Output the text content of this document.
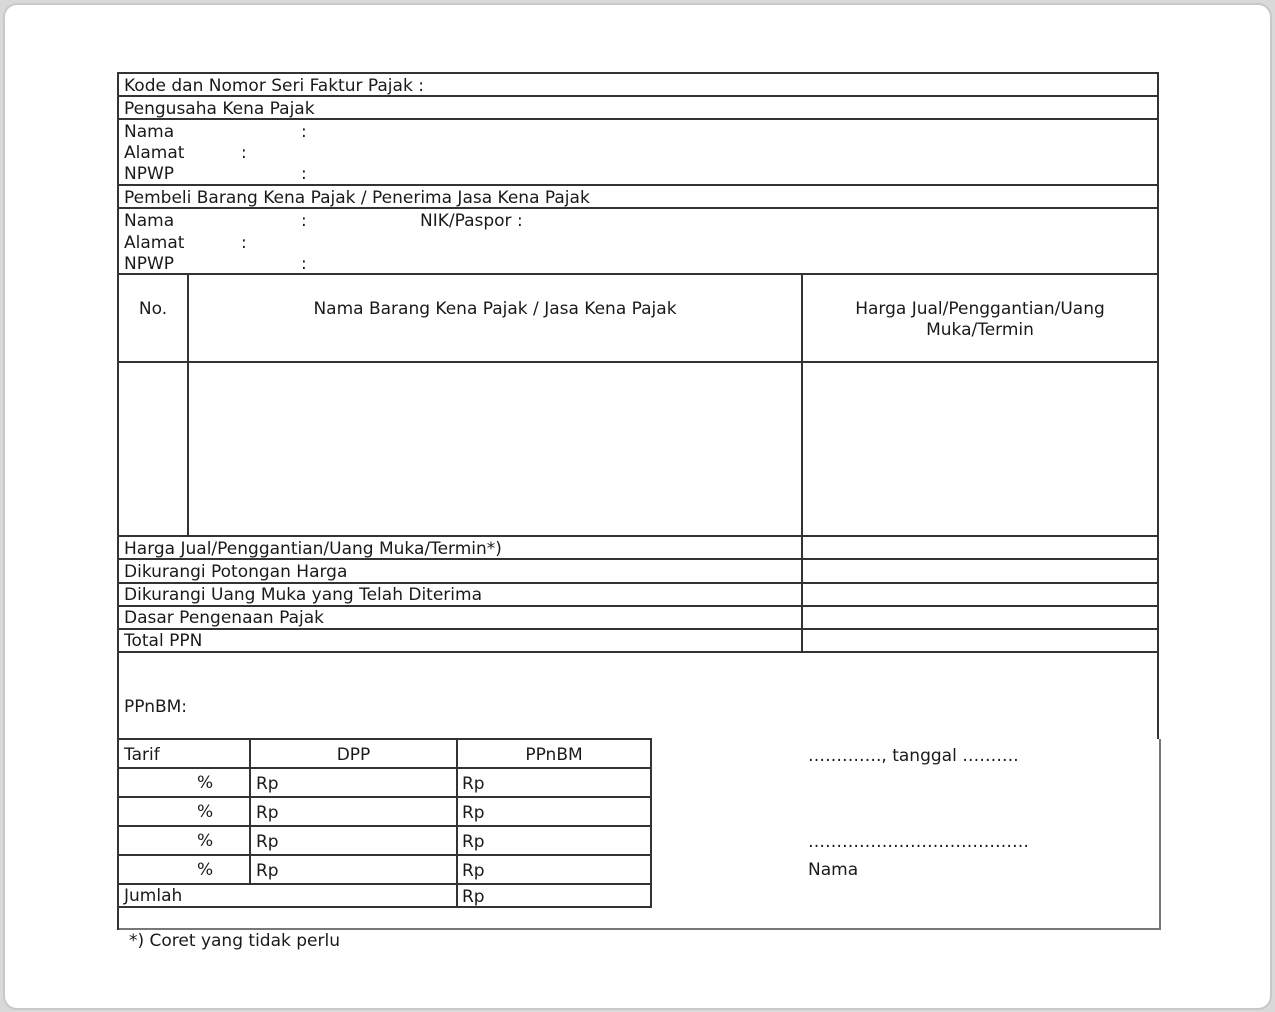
Kode dan Nomor Seri Faktur Pajak :
Pengusaha Kena Pajak
Nama	:
Alamat	:
NPWP	:
Pembeli Barang Kena Pajak / Penerima Jasa Kena Pajak
Nama	:	NIK/Paspor :
Alamat	:
NPWP	:
No.	Nama Barang Kena Pajak / Jasa Kena Pajak	Harga Jual/Penggantian/Uang
Muka/Termin
Harga Jual/Penggantian/Uang Muka/Termin*)
Dikurangi Potongan Harga
Dikurangi Uang Muka yang Telah Diterima
Dasar Pengenaan Pajak
Total PPN
PPnBM:
Tarif	DPP	PPnBM
%	Rp	Rp
%	Rp	Rp
%	Rp	Rp
%	Rp	Rp
Jumlah	Rp
…………., tanggal ……….
…………………………………
Nama
*) Coret yang tidak perlu
